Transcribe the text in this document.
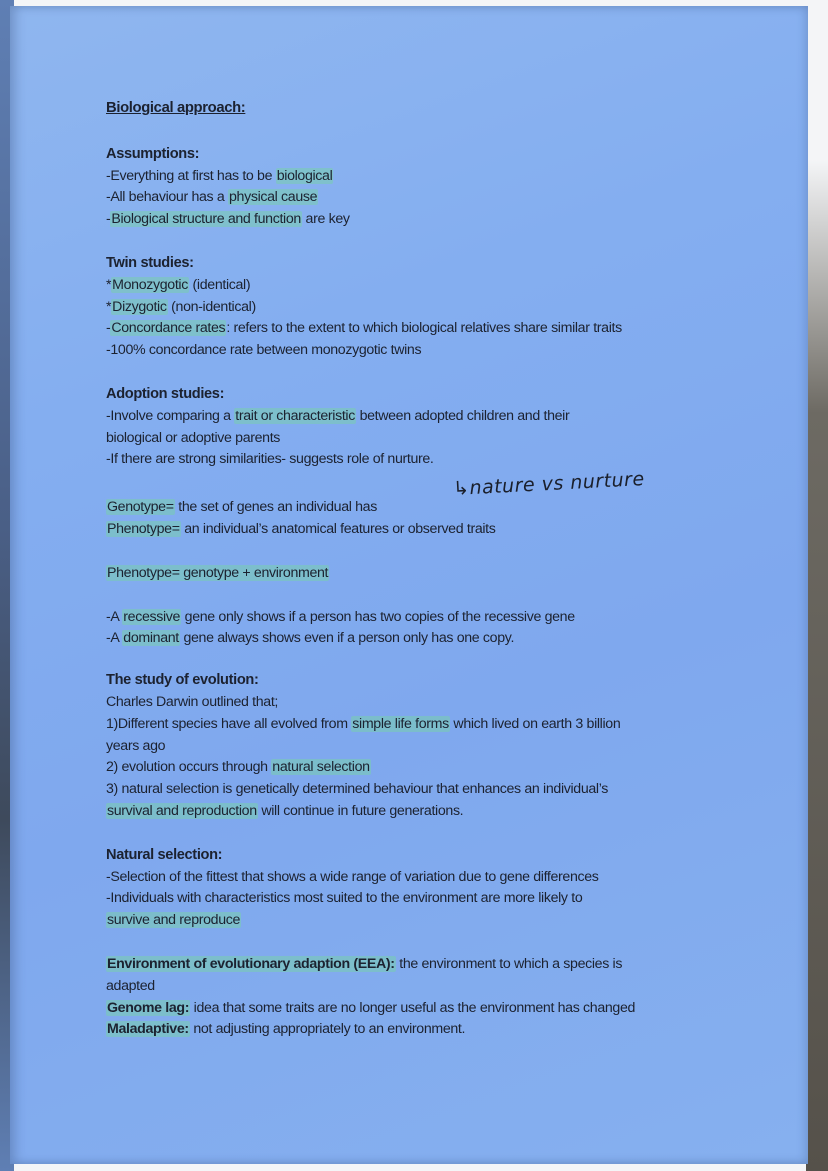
Biological approach:

Assumptions:

-Everything at first has to be biological

-All behaviour has a physical cause

-Biological structure and function are key

Twin studies:

*Monozygotic (identical)

*Dizygotic (non-identical)

-Concordance rates: refers to the extent to which biological relatives share similar traits

-100% concordance rate between monozygotic twins

Adoption studies:

-Involve comparing a trait or characteristic between adopted children and their

biological or adoptive parents

-If there are strong similarities- suggests role of nurture.

Genotype= the set of genes an individual has

Phenotype= an individual’s anatomical features or observed traits

Phenotype= genotype + environment

-A recessive gene only shows if a person has two copies of the recessive gene

-A dominant gene always shows even if a person only has one copy.

The study of evolution:

Charles Darwin outlined that;

1)Different species have all evolved from simple life forms which lived on earth 3 billion

years ago

2) evolution occurs through natural selection

3) natural selection is genetically determined behaviour that enhances an individual’s

survival and reproduction will continue in future generations.

Natural selection:

-Selection of the fittest that shows a wide range of variation due to gene differences

-Individuals with characteristics most suited to the environment are more likely to

survive and reproduce

Environment of evolutionary adaption (EEA): the environment to which a species is

adapted

Genome lag: idea that some traits are no longer useful as the environment has changed

Maladaptive: not adjusting appropriately to an environment.

↳nature vs nurture
